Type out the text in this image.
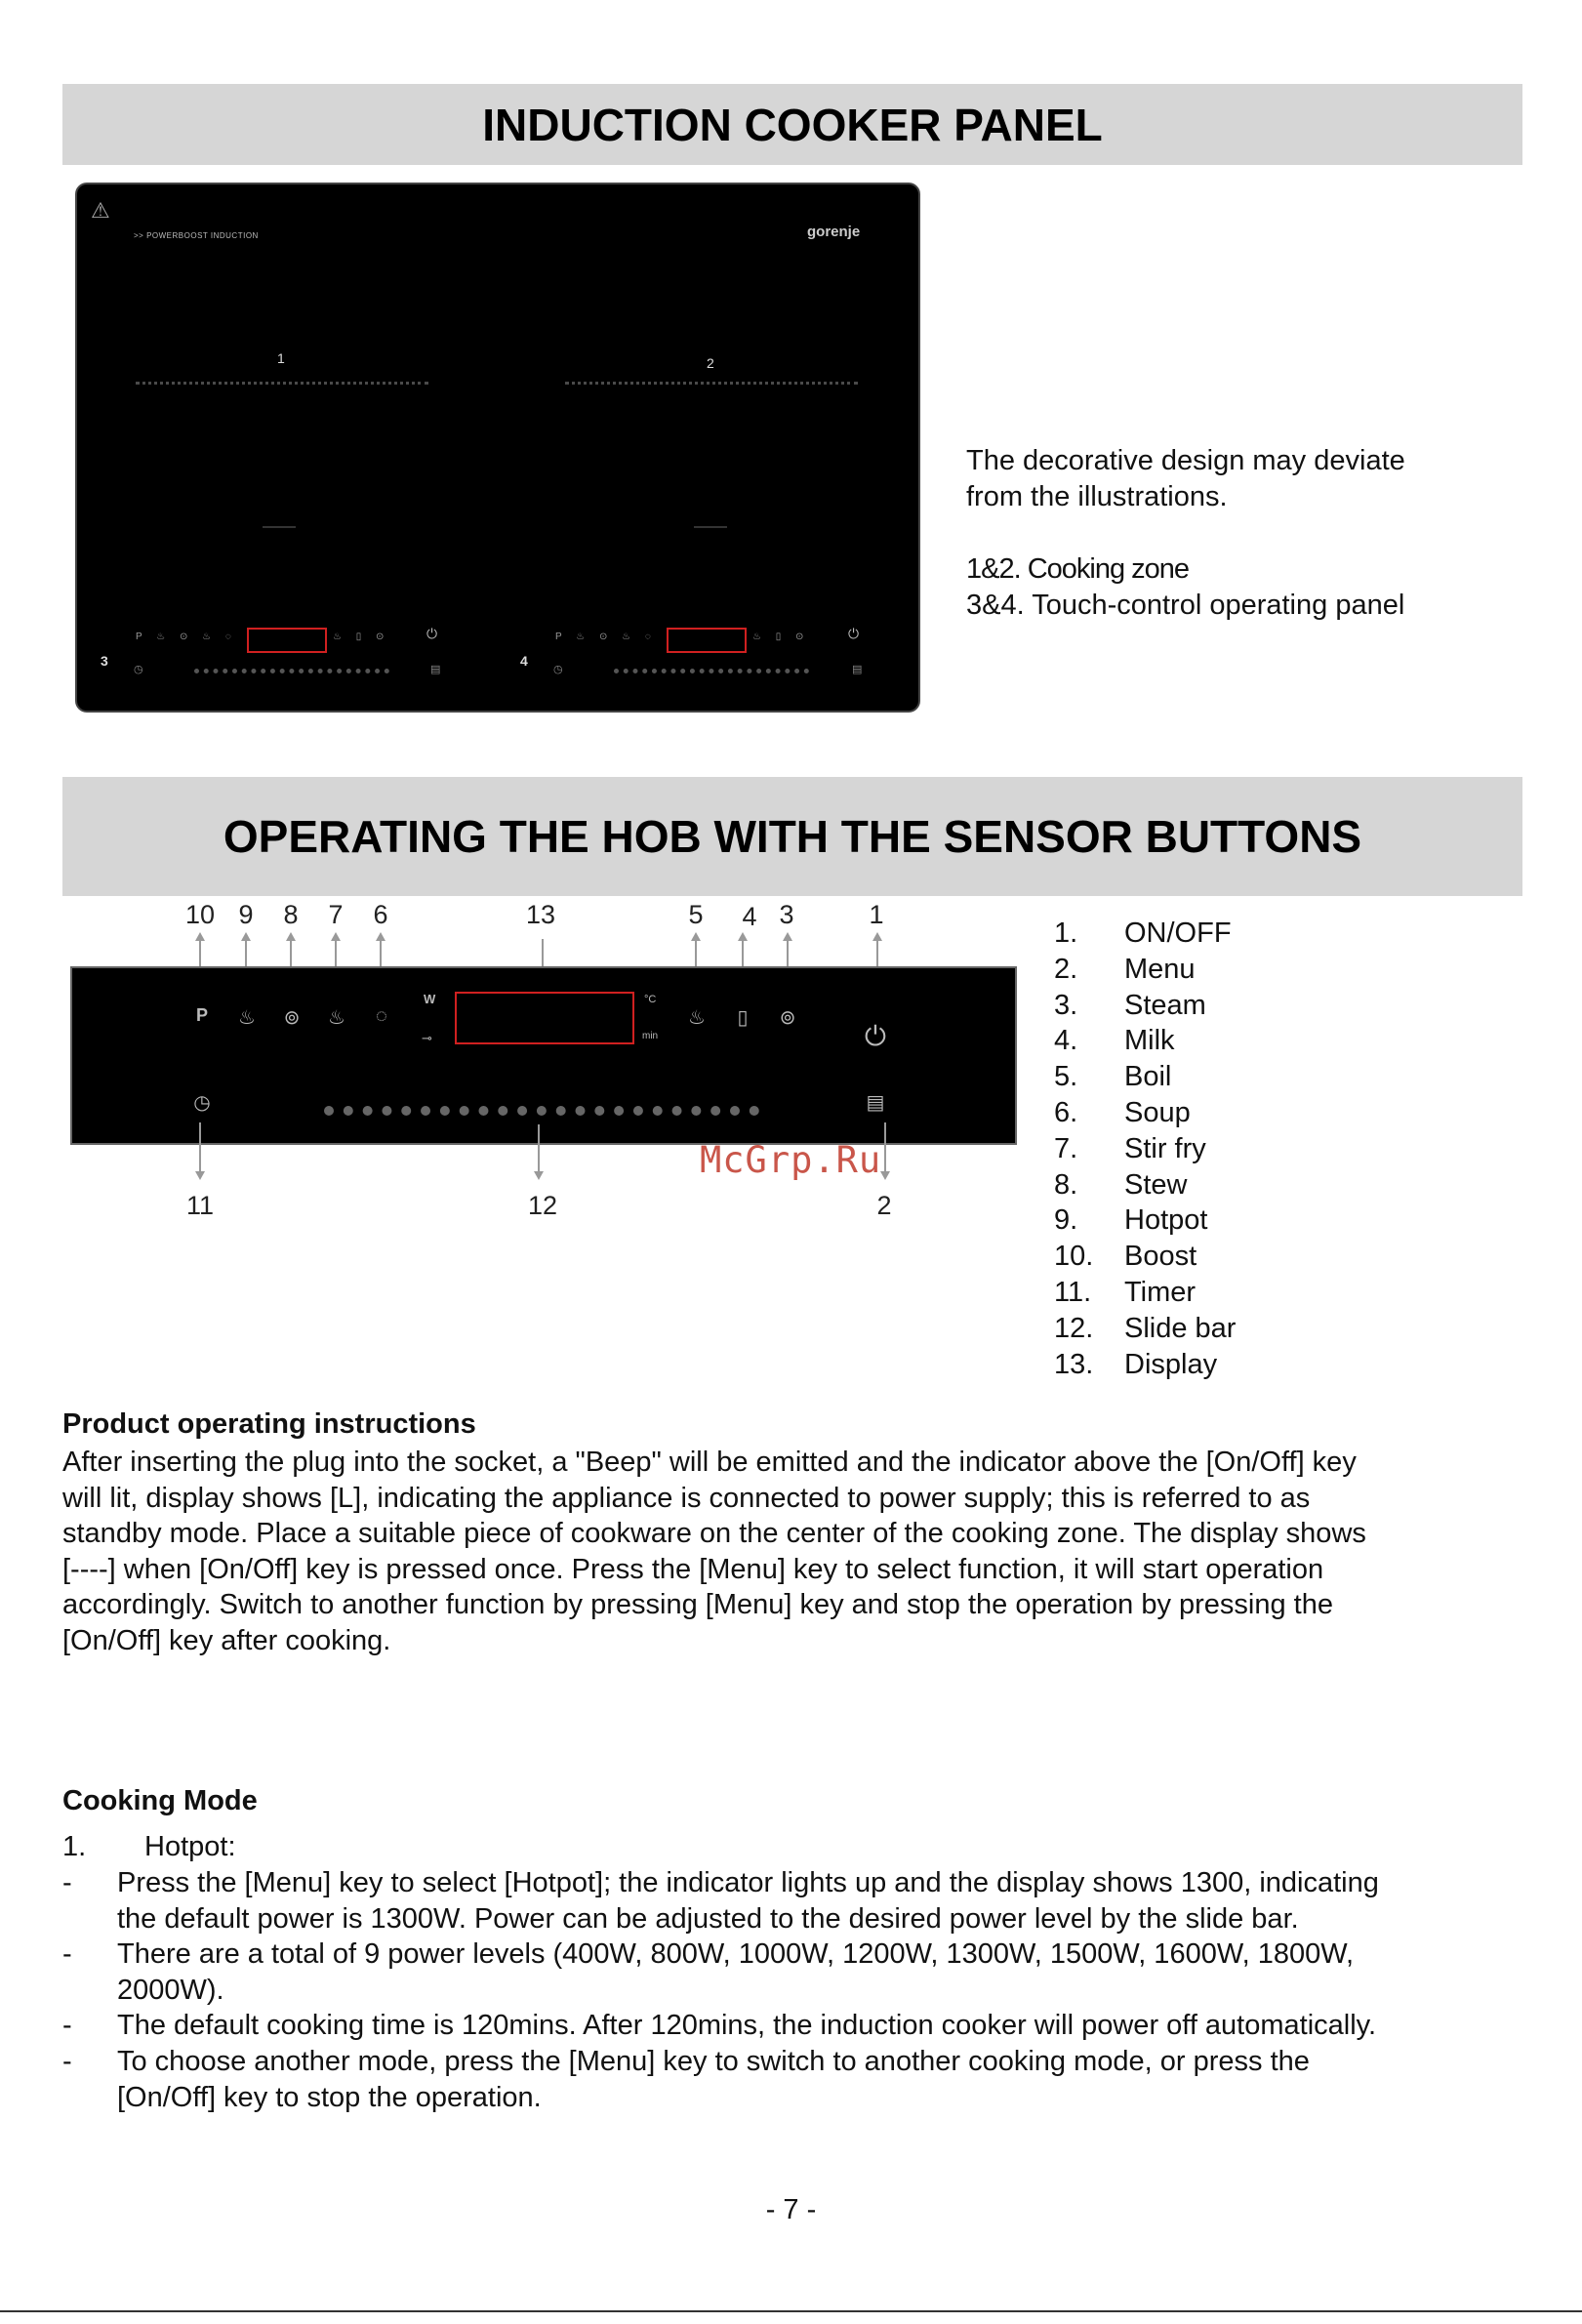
INDUCTION COOKER PANEL
⚠
>> POWERBOOST INDUCTION	gorenje
1	2
P ♨ ⊙ ♨ ◌	♨ ▯ ⊙	⏻
3
◷	▤
P ♨ ⊙ ♨ ◌	♨ ▯ ⊙	⏻
4
◷	▤
The decorative design may deviate
from the illustrations.
1&2. Cooking zone
3&4. Touch-control operating panel
OPERATING THE HOB WITH THE SENSOR BUTTONS
10 9	8	7	6	13	5	4 3	1
P	♨	⊚	♨	◌
W
⊸
°C
min
♨	▯	⊚
⏻
◷	▤
McGrp.Ru
11	12	2
1.	ON/OFF
2.	Menu
3.	Steam
4.	Milk
5.	Boil
6.	Soup
7.	Stir fry
8.	Stew
9.	Hotpot
10.	Boost
11.	Timer
12.	Slide bar
13.	Display
Product operating instructions
After inserting the plug into the socket, a "Beep" will be emitted and the indicator above the [On/Off] key
will lit, display shows [L], indicating the appliance is connected to power supply; this is referred to as
standby mode. Place a suitable piece of cookware on the center of the cooking zone. The display shows
[----] when [On/Off] key is pressed once. Press the [Menu] key to select function, it will start operation
accordingly. Switch to another function by pressing [Menu] key and stop the operation by pressing the
[On/Off] key after cooking.
Cooking Mode
1.	Hotpot:
-	Press the [Menu] key to select [Hotpot]; the indicator lights up and the display shows 1300, indicating
the default power is 1300W. Power can be adjusted to the desired power level by the slide bar.
-	There are a total of 9 power levels (400W, 800W, 1000W, 1200W, 1300W, 1500W, 1600W, 1800W,
2000W).
-	The default cooking time is 120mins. After 120mins, the induction cooker will power off automatically.
-	To choose another mode, press the [Menu] key to switch to another cooking mode, or press the
[On/Off] key to stop the operation.
- 7 -
